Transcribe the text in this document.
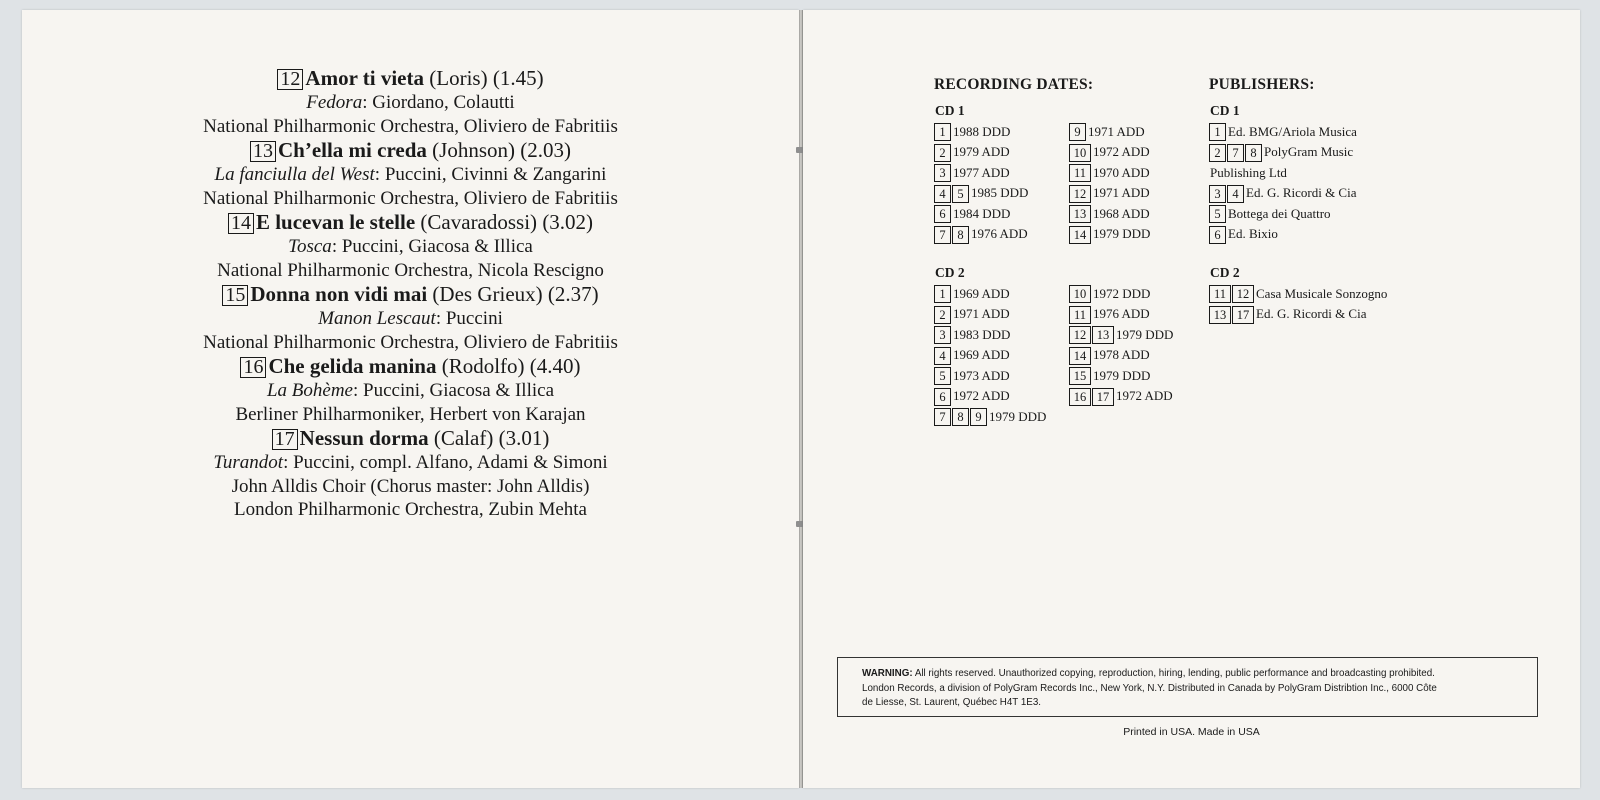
12 Amor ti vieta (Loris) (1.45)
Fedora: Giordano, Colautti
National Philharmonic Orchestra, Oliviero de Fabritiis
13 Ch’ella mi creda (Johnson) (2.03)
La fanciulla del West: Puccini, Civinni & Zangarini
National Philharmonic Orchestra, Oliviero de Fabritiis
14 E lucevan le stelle (Cavaradossi) (3.02)
Tosca: Puccini, Giacosa & Illica
National Philharmonic Orchestra, Nicola Rescigno
15 Donna non vidi mai (Des Grieux) (2.37)
Manon Lescaut: Puccini
National Philharmonic Orchestra, Oliviero de Fabritiis
16 Che gelida manina (Rodolfo) (4.40)
La Bohème: Puccini, Giacosa & Illica
Berliner Philharmoniker, Herbert von Karajan
17 Nessun dorma (Calaf) (3.01)
Turandot: Puccini, compl. Alfano, Adami & Simoni
John Alldis Choir (Chorus master: John Alldis)
London Philharmonic Orchestra, Zubin Mehta
RECORDING DATES:	PUBLISHERS:
CD 1
1 1988 DDD
2 1979 ADD
3 1977 ADD
4 5 1985 DDD
6 1984 DDD
7 8 1976 ADD
9 1971 ADD
10 1972 ADD
11 1970 ADD
12 1971 ADD
13 1968 ADD
14 1979 DDD
CD 2
1 1969 ADD
2 1971 ADD
3 1983 DDD
4 1969 ADD
5 1973 ADD
6 1972 ADD
7 8 9 1979 DDD
10 1972 DDD
11 1976 ADD
12 13 1979 DDD
14 1978 ADD
15 1979 DDD
16 17 1972 ADD
CD 1
1 Ed. BMG/Ariola Musica
2 7 8 PolyGram Music
Publishing Ltd
3 4 Ed. G. Ricordi & Cia
5 Bottega dei Quattro
6 Ed. Bixio
CD 2
11 12 Casa Musicale Sonzogno
13 17 Ed. G. Ricordi & Cia
WARNING: All rights reserved. Unauthorized copying, reproduction, hiring, lending, public performance and broadcasting prohibited.
London Records, a division of PolyGram Records Inc., New York, N.Y. Distributed in Canada by PolyGram Distribtion Inc., 6000 Côte
de Liesse, St. Laurent, Québec H4T 1E3.
Printed in USA. Made in USA
